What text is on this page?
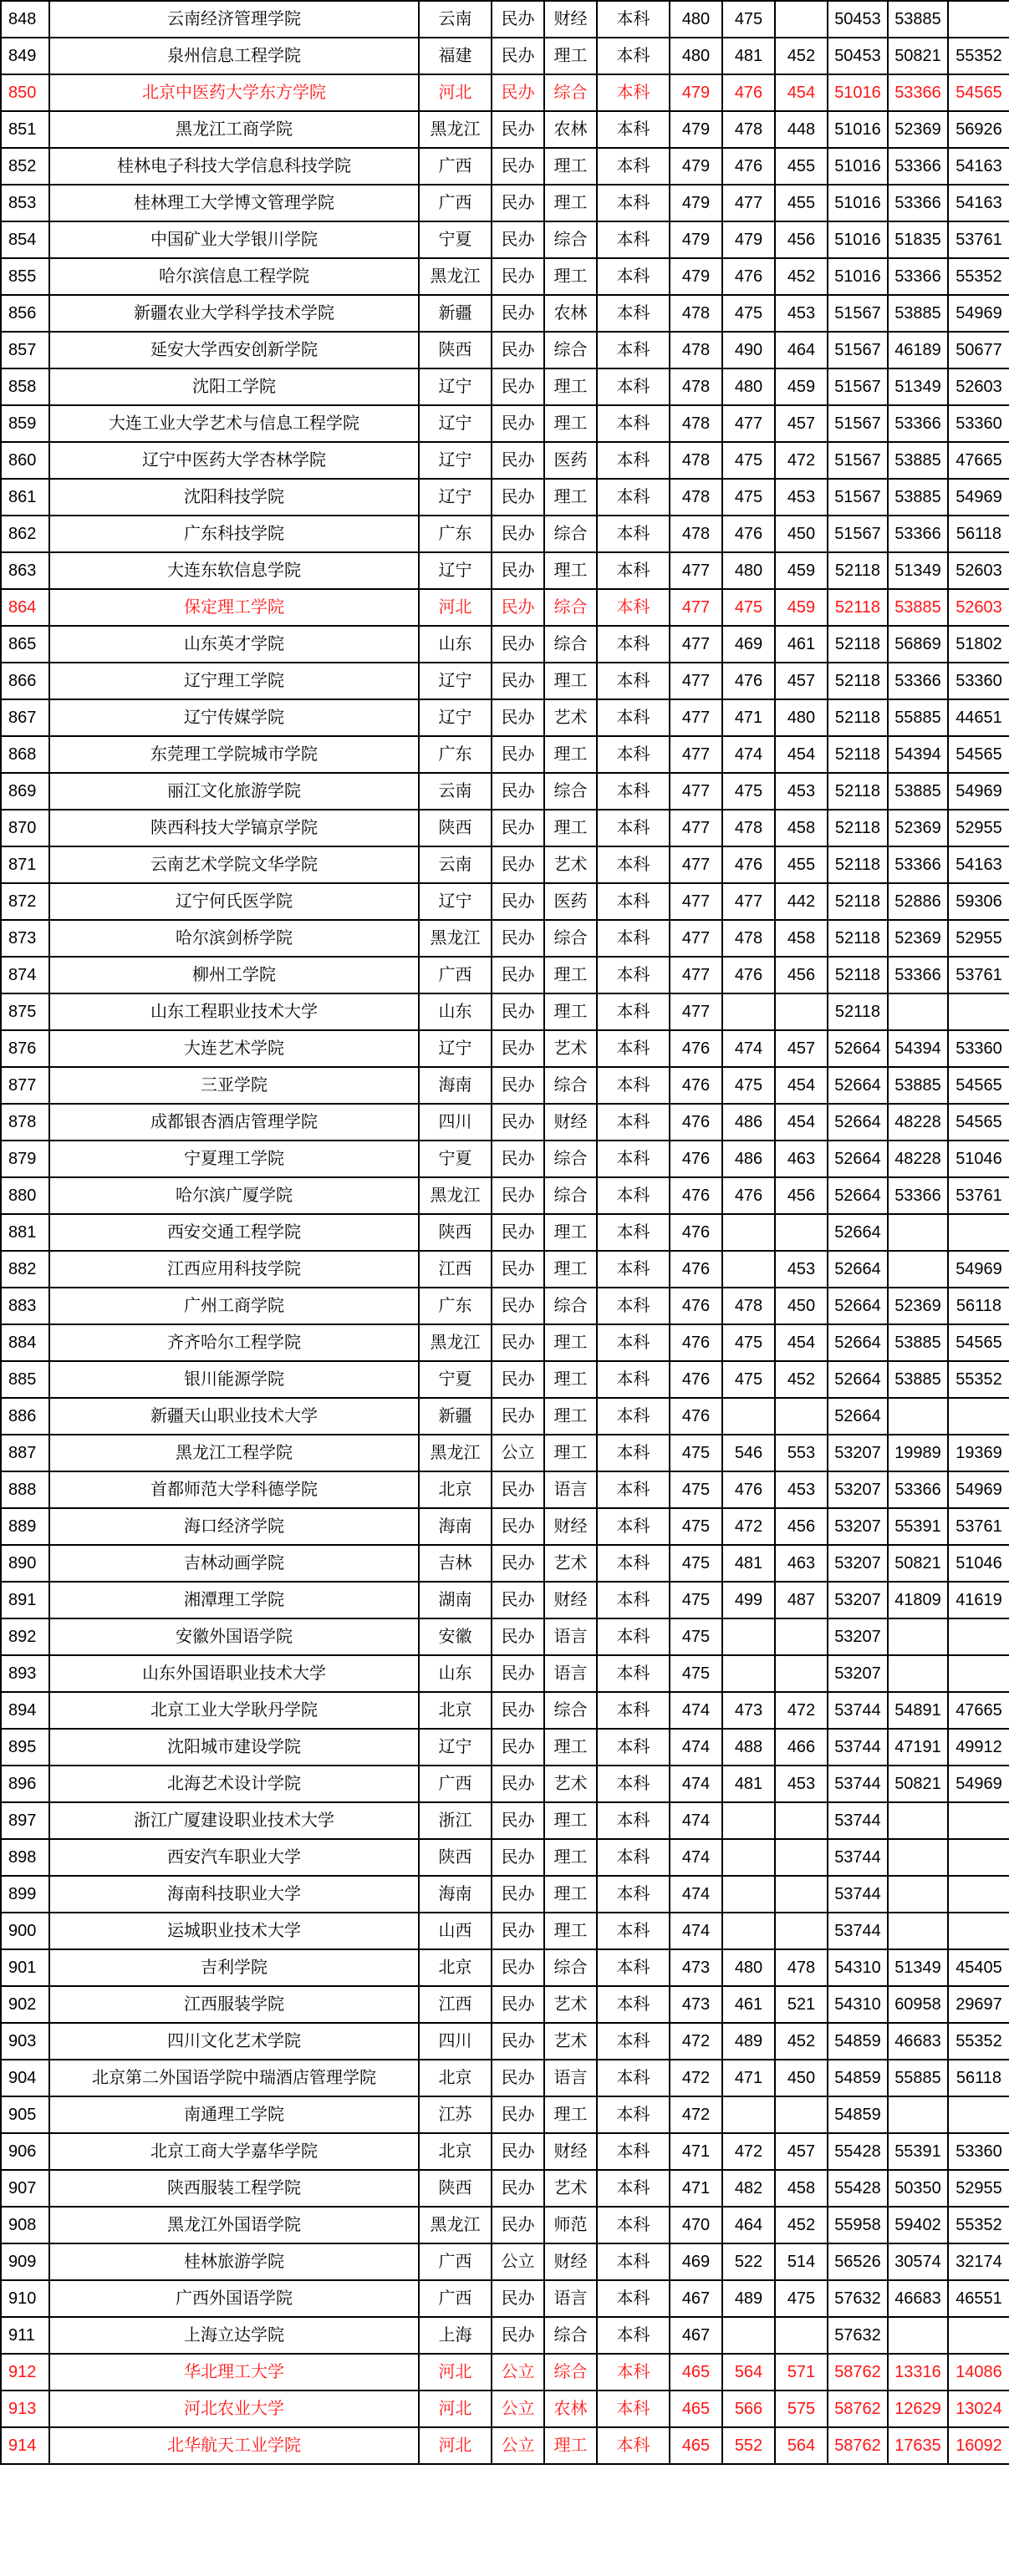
848	云南经济管理学院	云南	民办	财经	本科	480	475		50453	53885	
849	泉州信息工程学院	福建	民办	理工	本科	480	481	452	50453	50821	55352
850	北京中医药大学东方学院	河北	民办	综合	本科	479	476	454	51016	53366	54565
851	黑龙江工商学院	黑龙江	民办	农林	本科	479	478	448	51016	52369	56926
852	桂林电子科技大学信息科技学院	广西	民办	理工	本科	479	476	455	51016	53366	54163
853	桂林理工大学博文管理学院	广西	民办	理工	本科	479	477	455	51016	53366	54163
854	中国矿业大学银川学院	宁夏	民办	综合	本科	479	479	456	51016	51835	53761
855	哈尔滨信息工程学院	黑龙江	民办	理工	本科	479	476	452	51016	53366	55352
856	新疆农业大学科学技术学院	新疆	民办	农林	本科	478	475	453	51567	53885	54969
857	延安大学西安创新学院	陕西	民办	综合	本科	478	490	464	51567	46189	50677
858	沈阳工学院	辽宁	民办	理工	本科	478	480	459	51567	51349	52603
859	大连工业大学艺术与信息工程学院	辽宁	民办	理工	本科	478	477	457	51567	53366	53360
860	辽宁中医药大学杏林学院	辽宁	民办	医药	本科	478	475	472	51567	53885	47665
861	沈阳科技学院	辽宁	民办	理工	本科	478	475	453	51567	53885	54969
862	广东科技学院	广东	民办	综合	本科	478	476	450	51567	53366	56118
863	大连东软信息学院	辽宁	民办	理工	本科	477	480	459	52118	51349	52603
864	保定理工学院	河北	民办	综合	本科	477	475	459	52118	53885	52603
865	山东英才学院	山东	民办	综合	本科	477	469	461	52118	56869	51802
866	辽宁理工学院	辽宁	民办	理工	本科	477	476	457	52118	53366	53360
867	辽宁传媒学院	辽宁	民办	艺术	本科	477	471	480	52118	55885	44651
868	东莞理工学院城市学院	广东	民办	理工	本科	477	474	454	52118	54394	54565
869	丽江文化旅游学院	云南	民办	综合	本科	477	475	453	52118	53885	54969
870	陕西科技大学镐京学院	陕西	民办	理工	本科	477	478	458	52118	52369	52955
871	云南艺术学院文华学院	云南	民办	艺术	本科	477	476	455	52118	53366	54163
872	辽宁何氏医学院	辽宁	民办	医药	本科	477	477	442	52118	52886	59306
873	哈尔滨剑桥学院	黑龙江	民办	综合	本科	477	478	458	52118	52369	52955
874	柳州工学院	广西	民办	理工	本科	477	476	456	52118	53366	53761
875	山东工程职业技术大学	山东	民办	理工	本科	477			52118		
876	大连艺术学院	辽宁	民办	艺术	本科	476	474	457	52664	54394	53360
877	三亚学院	海南	民办	综合	本科	476	475	454	52664	53885	54565
878	成都银杏酒店管理学院	四川	民办	财经	本科	476	486	454	52664	48228	54565
879	宁夏理工学院	宁夏	民办	综合	本科	476	486	463	52664	48228	51046
880	哈尔滨广厦学院	黑龙江	民办	综合	本科	476	476	456	52664	53366	53761
881	西安交通工程学院	陕西	民办	理工	本科	476			52664		
882	江西应用科技学院	江西	民办	理工	本科	476		453	52664		54969
883	广州工商学院	广东	民办	综合	本科	476	478	450	52664	52369	56118
884	齐齐哈尔工程学院	黑龙江	民办	理工	本科	476	475	454	52664	53885	54565
885	银川能源学院	宁夏	民办	理工	本科	476	475	452	52664	53885	55352
886	新疆天山职业技术大学	新疆	民办	理工	本科	476			52664		
887	黑龙江工程学院	黑龙江	公立	理工	本科	475	546	553	53207	19989	19369
888	首都师范大学科德学院	北京	民办	语言	本科	475	476	453	53207	53366	54969
889	海口经济学院	海南	民办	财经	本科	475	472	456	53207	55391	53761
890	吉林动画学院	吉林	民办	艺术	本科	475	481	463	53207	50821	51046
891	湘潭理工学院	湖南	民办	财经	本科	475	499	487	53207	41809	41619
892	安徽外国语学院	安徽	民办	语言	本科	475			53207		
893	山东外国语职业技术大学	山东	民办	语言	本科	475			53207		
894	北京工业大学耿丹学院	北京	民办	综合	本科	474	473	472	53744	54891	47665
895	沈阳城市建设学院	辽宁	民办	理工	本科	474	488	466	53744	47191	49912
896	北海艺术设计学院	广西	民办	艺术	本科	474	481	453	53744	50821	54969
897	浙江广厦建设职业技术大学	浙江	民办	理工	本科	474			53744		
898	西安汽车职业大学	陕西	民办	理工	本科	474			53744		
899	海南科技职业大学	海南	民办	理工	本科	474			53744		
900	运城职业技术大学	山西	民办	理工	本科	474			53744		
901	吉利学院	北京	民办	综合	本科	473	480	478	54310	51349	45405
902	江西服装学院	江西	民办	艺术	本科	473	461	521	54310	60958	29697
903	四川文化艺术学院	四川	民办	艺术	本科	472	489	452	54859	46683	55352
904	北京第二外国语学院中瑞酒店管理学院	北京	民办	语言	本科	472	471	450	54859	55885	56118
905	南通理工学院	江苏	民办	理工	本科	472			54859		
906	北京工商大学嘉华学院	北京	民办	财经	本科	471	472	457	55428	55391	53360
907	陕西服装工程学院	陕西	民办	艺术	本科	471	482	458	55428	50350	52955
908	黑龙江外国语学院	黑龙江	民办	师范	本科	470	464	452	55958	59402	55352
909	桂林旅游学院	广西	公立	财经	本科	469	522	514	56526	30574	32174
910	广西外国语学院	广西	民办	语言	本科	467	489	475	57632	46683	46551
911	上海立达学院	上海	民办	综合	本科	467			57632		
912	华北理工大学	河北	公立	综合	本科	465	564	571	58762	13316	14086
913	河北农业大学	河北	公立	农林	本科	465	566	575	58762	12629	13024
914	北华航天工业学院	河北	公立	理工	本科	465	552	564	58762	17635	16092
